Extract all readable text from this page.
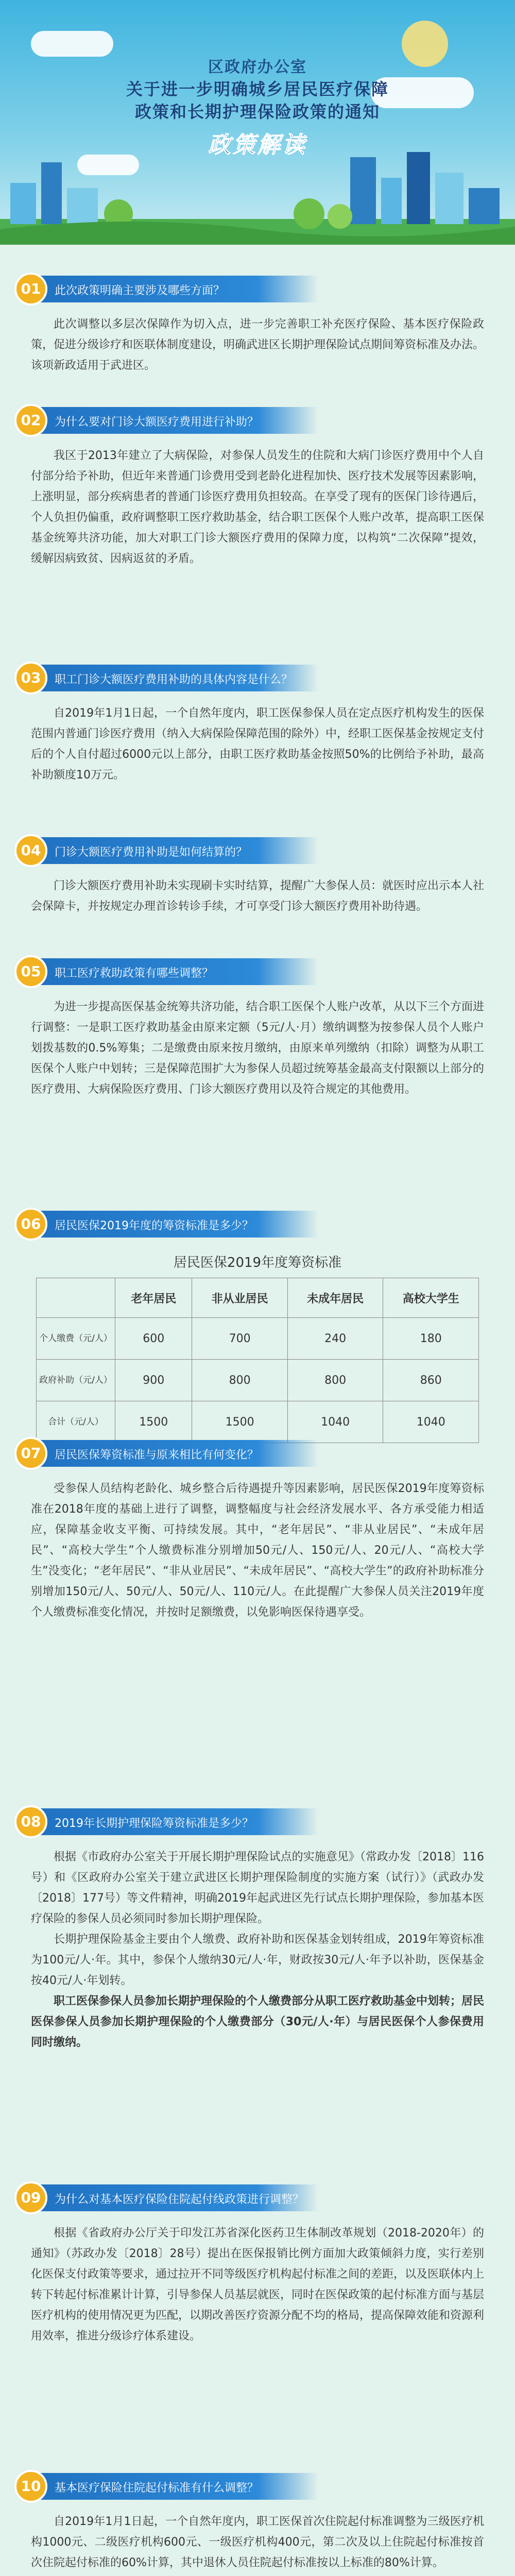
区政府办公室
关于进一步明确城乡居民医疗保障
政策和长期护理保险政策的通知
政策解读
01	此次政策明确主要涉及哪些方面？

此次调整以多层次保障作为切入点，进一步完善职工补充医疗保险、基本医疗保险政策，促进分级诊疗和医联体制度建设，明确武进区长期护理保险试点期间筹资标准及办法。该项新政适用于武进区。

02	为什么要对门诊大额医疗费用进行补助？

我区于2013年建立了大病保险，对参保人员发生的住院和大病门诊医疗费用中个人自付部分给予补助，但近年来普通门诊费用受到老龄化进程加快、医疗技术发展等因素影响，上涨明显，部分疾病患者的普通门诊医疗费用负担较高。在享受了现有的医保门诊待遇后，个人负担仍偏重，政府调整职工医疗救助基金，结合职工医保个人账户改革，提高职工医保基金统筹共济功能，加大对职工门诊大额医疗费用的保障力度，以构筑“二次保障”提效，缓解因病致贫、因病返贫的矛盾。

03	职工门诊大额医疗费用补助的具体内容是什么？

自2019年1月1日起，一个自然年度内，职工医保参保人员在定点医疗机构发生的医保范围内普通门诊医疗费用（纳入大病保险保障范围的除外）中，经职工医保基金按规定支付后的个人自付超过6000元以上部分，由职工医疗救助基金按照50%的比例给予补助，最高补助额度10万元。

04	门诊大额医疗费用补助是如何结算的？

门诊大额医疗费用补助未实现刷卡实时结算，提醒广大参保人员：就医时应出示本人社会保障卡，并按规定办理首诊转诊手续，才可享受门诊大额医疗费用补助待遇。

05	职工医疗救助政策有哪些调整？

为进一步提高医保基金统筹共济功能，结合职工医保个人账户改革，从以下三个方面进行调整：一是职工医疗救助基金由原来定额（5元/人·月）缴纳调整为按参保人员个人账户划拨基数的0.5%筹集；二是缴费由原来按月缴纳，由原来单列缴纳（扣除）调整为从职工医保个人账户中划转；三是保障范围扩大为参保人员超过统筹基金最高支付限额以上部分的医疗费用、大病保险医疗费用、门诊大额医疗费用以及符合规定的其他费用。

06	居民医保2019年度的筹资标准是多少？
居民医保2019年度筹资标准
	老年居民	非从业居民	未成年居民	高校大学生
个人缴费（元/人）	600	700	240	180
政府补助（元/人）	900	800	800	860
合计（元/人）	1500	1500	1040	1040
07	居民医保筹资标准与原来相比有何变化？

受参保人员结构老龄化、城乡整合后待遇提升等因素影响，居民医保2019年度筹资标准在2018年度的基础上进行了调整，调整幅度与社会经济发展水平、各方承受能力相适应，保障基金收支平衡、可持续发展。其中，“老年居民”、“非从业居民”、“未成年居民”、“高校大学生”个人缴费标准分别增加50元/人、150元/人、20元/人、“高校大学生”没变化；“老年居民”、“非从业居民”、“未成年居民”、“高校大学生”的政府补助标准分别增加150元/人、50元/人、50元/人、110元/人。在此提醒广大参保人员关注2019年度个人缴费标准变化情况，并按时足额缴费，以免影响医保待遇享受。

08	2019年长期护理保险筹资标准是多少？

根据《市政府办公室关于开展长期护理保险试点的实施意见》（常政办发〔2018〕116号）和《区政府办公室关于建立武进区长期护理保险制度的实施方案（试行）》（武政办发〔2018〕177号）等文件精神，明确2019年起武进区先行试点长期护理保险，参加基本医疗保险的参保人员必须同时参加长期护理保险。

长期护理保险基金主要由个人缴费、政府补助和医保基金划转组成，2019年筹资标准为100元/人·年。其中，参保个人缴纳30元/人·年，财政按30元/人·年予以补助，医保基金按40元/人·年划转。

职工医保参保人员参加长期护理保险的个人缴费部分从职工医疗救助基金中划转；居民医保参保人员参加长期护理保险的个人缴费部分（30元/人·年）与居民医保个人参保费用同时缴纳。

09	为什么对基本医疗保险住院起付线政策进行调整？

根据《省政府办公厅关于印发江苏省深化医药卫生体制改革规划（2018-2020年）的通知》（苏政办发〔2018〕28号）提出在医保报销比例方面加大政策倾斜力度，实行差别化医保支付政策等要求，通过拉开不同等级医疗机构起付标准之间的差距，以及医联体内上转下转起付标准累计计算，引导参保人员基层就医，同时在医保政策的起付标准方面与基层医疗机构的使用情况更为匹配，以期改善医疗资源分配不均的格局，提高保障效能和资源利用效率，推进分级诊疗体系建设。

10	基本医疗保险住院起付标准有什么调整？

自2019年1月1日起，一个自然年度内，职工医保首次住院起付标准调整为三级医疗机构1000元、二级医疗机构600元、一级医疗机构400元，第二次及以上住院起付标准按首次住院起付标准的60%计算，其中退休人员住院起付标准按以上标准的80%计算。
